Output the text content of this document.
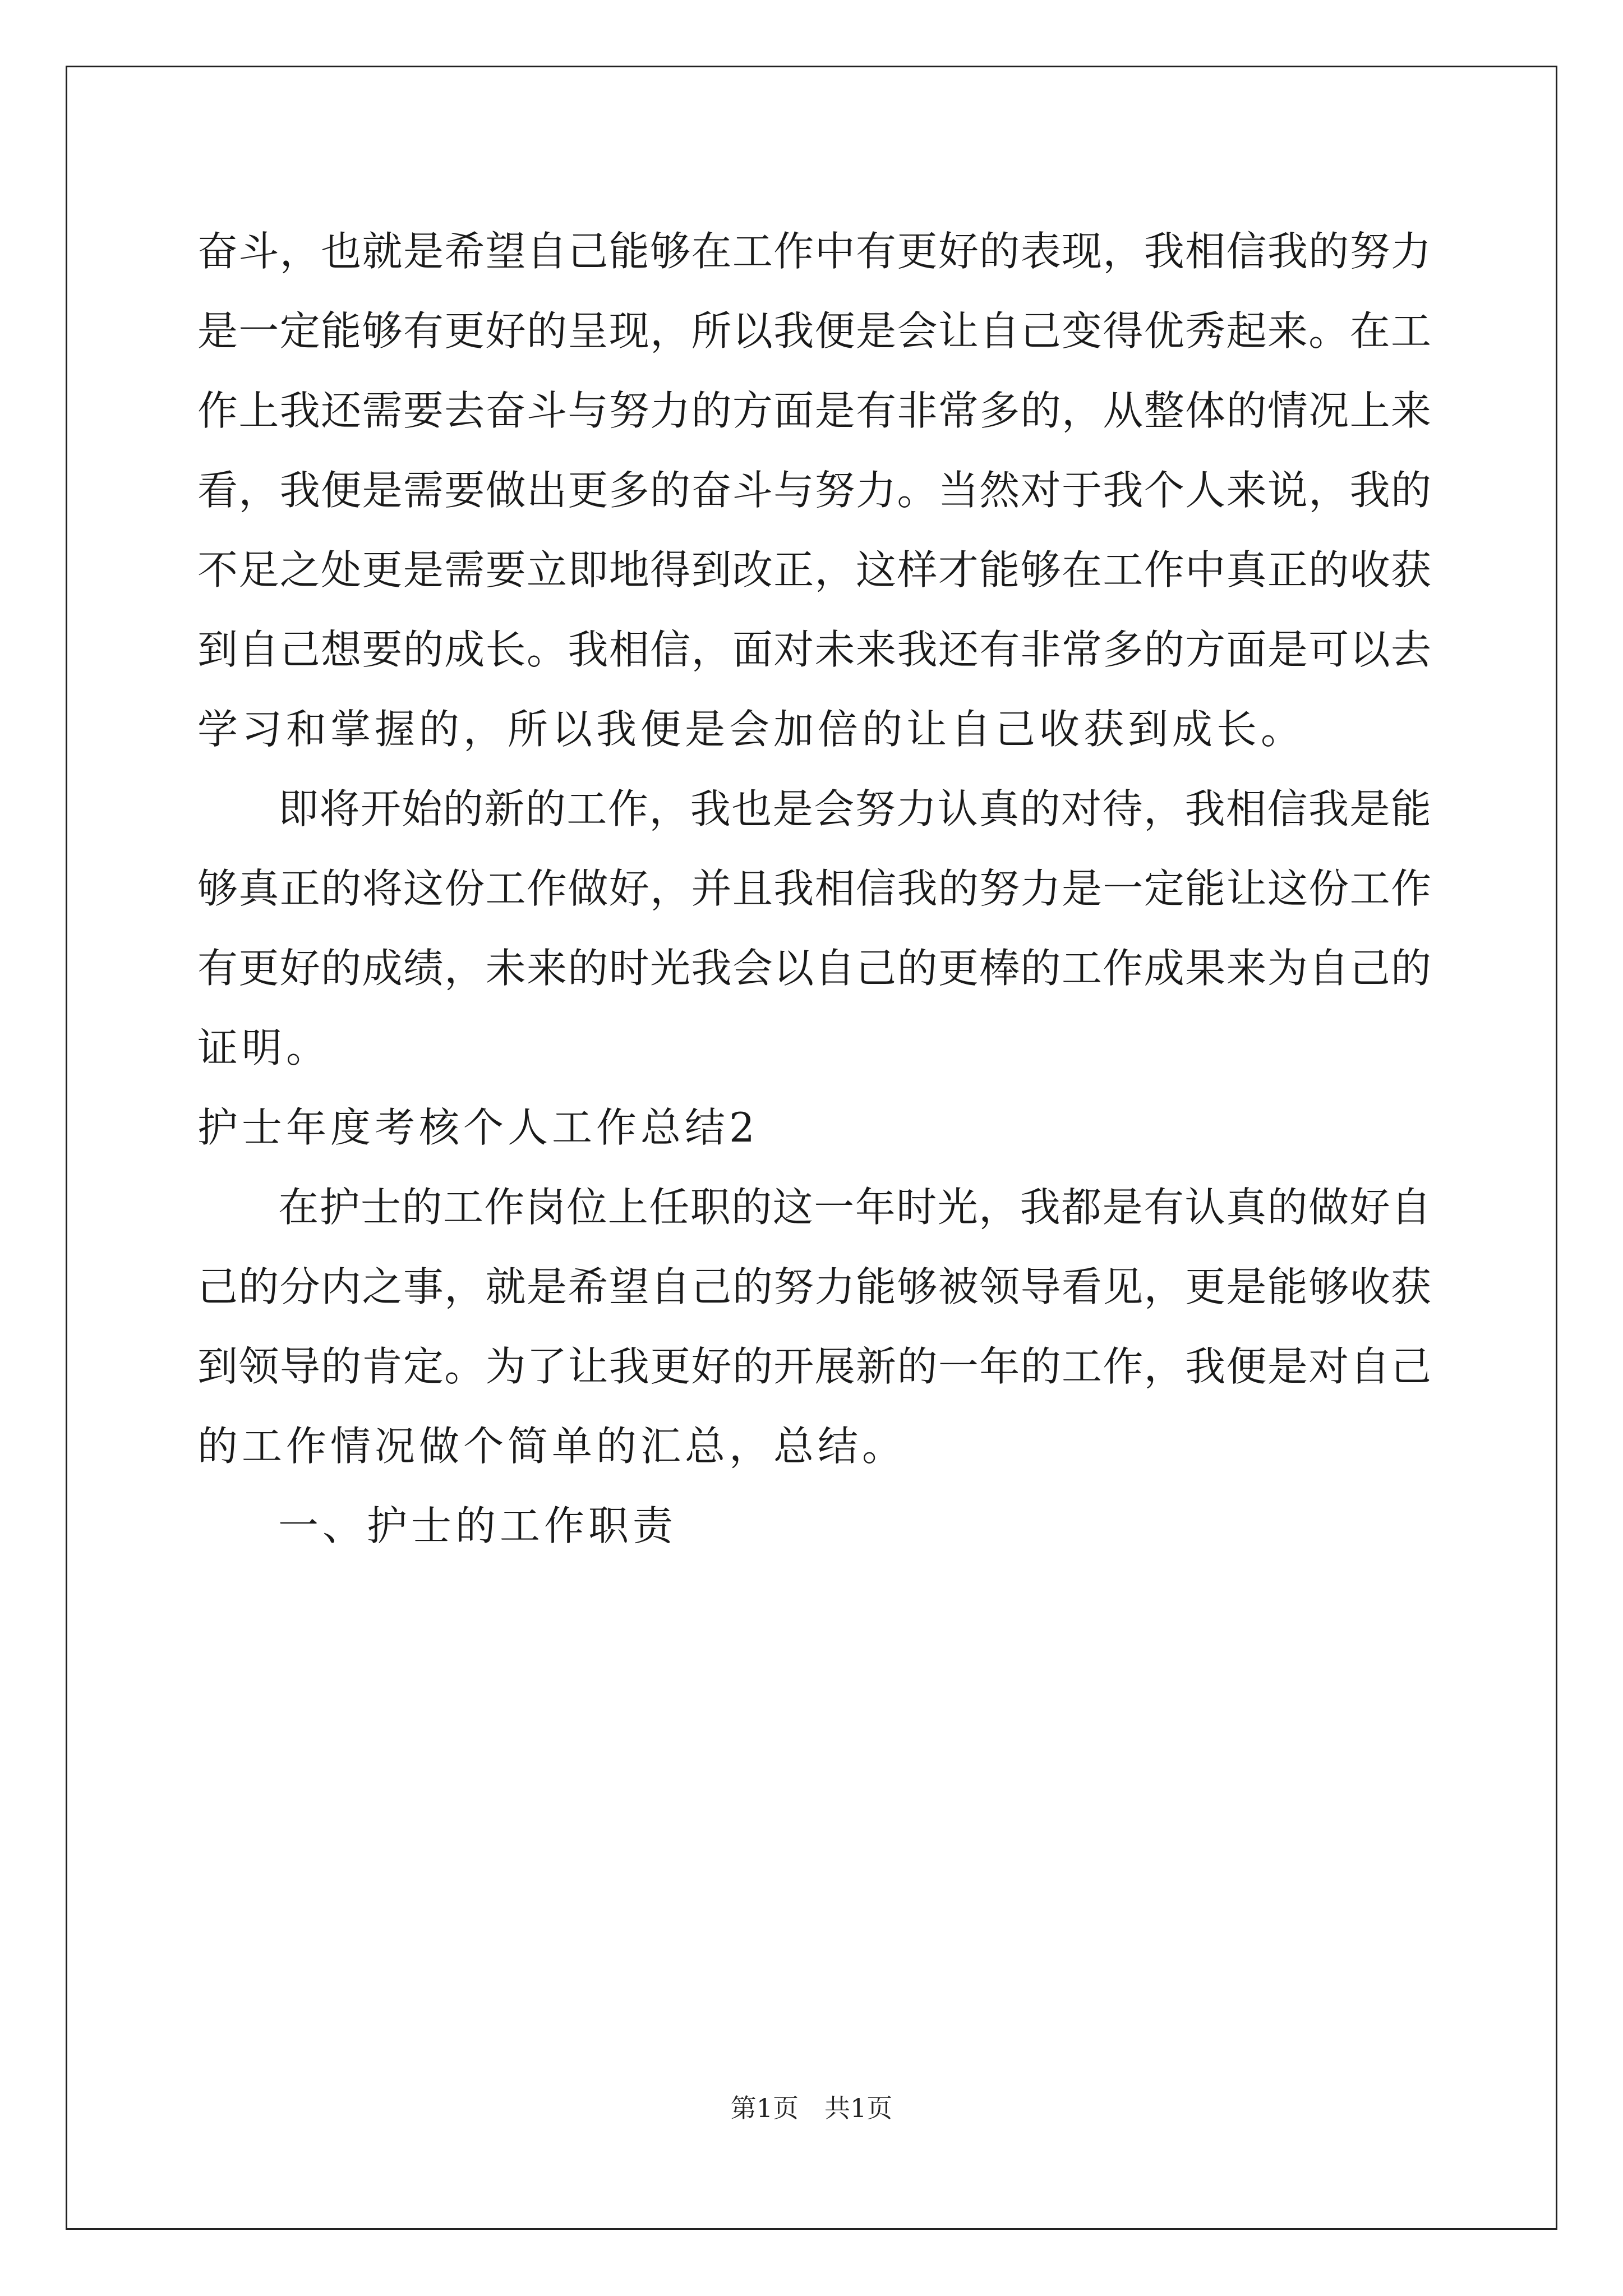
奋斗，也就是希望自己能够在工作中有更好的表现，我相信我的努力
是一定能够有更好的呈现，所以我便是会让自己变得优秀起来。在工
作上我还需要去奋斗与努力的方面是有非常多的，从整体的情况上来
看，我便是需要做出更多的奋斗与努力。当然对于我个人来说，我的
不足之处更是需要立即地得到改正，这样才能够在工作中真正的收获
到自己想要的成长。我相信，面对未来我还有非常多的方面是可以去
学习和掌握的，所以我便是会加倍的让自己收获到成长。
即将开始的新的工作，我也是会努力认真的对待，我相信我是能
够真正的将这份工作做好，并且我相信我的努力是一定能让这份工作
有更好的成绩，未来的时光我会以自己的更棒的工作成果来为自己的
证明。
护士年度考核个人工作总结2
在护士的工作岗位上任职的这一年时光，我都是有认真的做好自
己的分内之事，就是希望自己的努力能够被领导看见，更是能够收获
到领导的肯定。为了让我更好的开展新的一年的工作，我便是对自己
的工作情况做个简单的汇总，总结。
一、护士的工作职责
第1页　共1页
